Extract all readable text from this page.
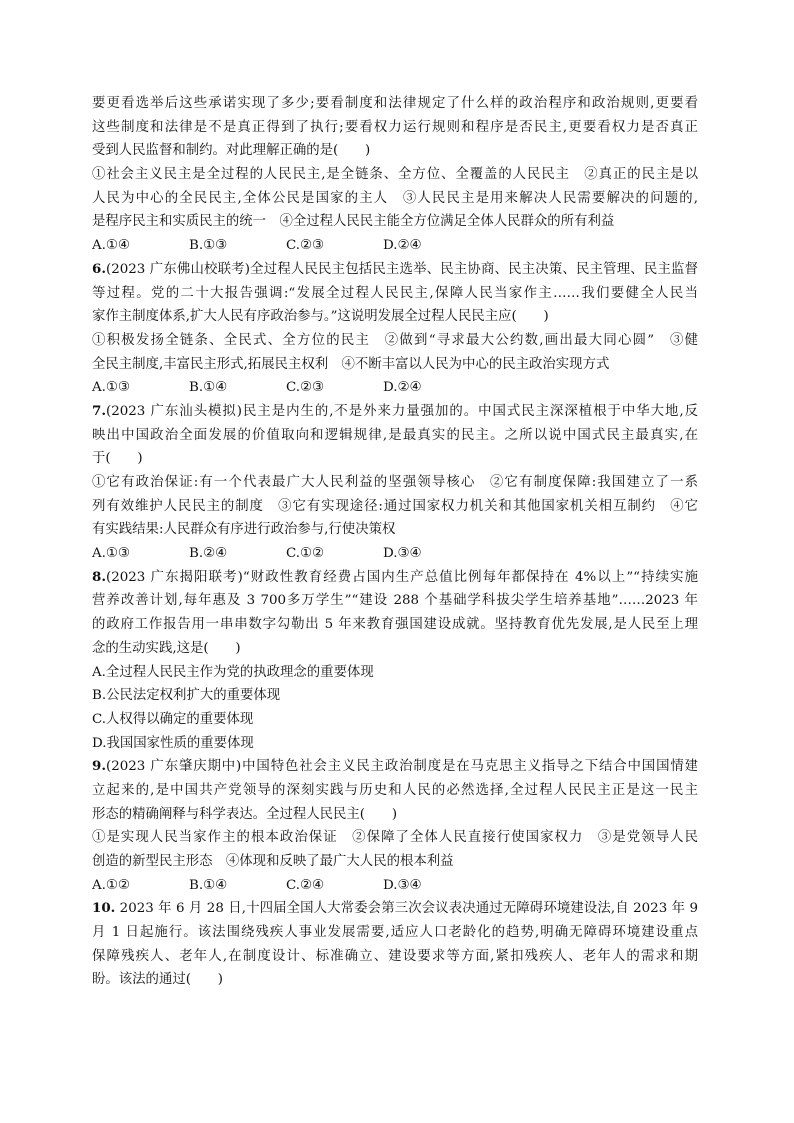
要更看选举后这些承诺实现了多少;要看制度和法律规定了什么样的政治程序和政治规则,更要看
这些制度和法律是不是真正得到了执行;要看权力运行规则和程序是否民主,更要看权力是否真正
受到人民监督和制约。对此理解正确的是(　　)
①社会主义民主是全过程的人民民主,是全链条、全方位、全覆盖的人民民主　②真正的民主是以
人民为中心的全民民主,全体公民是国家的主人　③人民民主是用来解决人民需要解决的问题的,
是程序民主和实质民主的统一　④全过程人民民主能全方位满足全体人民群众的所有利益
A.①④	B.①③	C.②③	D.②④
6.(2023 广东佛山校联考)全过程人民民主包括民主选举、民主协商、民主决策、民主管理、民主监督
等过程。党的二十大报告强调:“发展全过程人民民主,保障人民当家作主……我们要健全人民当
家作主制度体系,扩大人民有序政治参与。”这说明发展全过程人民民主应(　　)
①积极发扬全链条、全民式、全方位的民主　②做到“寻求最大公约数,画出最大同心圆”　③健
全民主制度,丰富民主形式,拓展民主权利　④不断丰富以人民为中心的民主政治实现方式
A.①③	B.①④	C.②③	D.②④
7.(2023 广东汕头模拟)民主是内生的,不是外来力量强加的。中国式民主深深植根于中华大地,反
映出中国政治全面发展的价值取向和逻辑规律,是最真实的民主。之所以说中国式民主最真实,在
于(　　)
①它有政治保证:有一个代表最广大人民利益的坚强领导核心　②它有制度保障:我国建立了一系
列有效维护人民民主的制度　③它有实现途径:通过国家权力机关和其他国家机关相互制约　④它
有实践结果:人民群众有序进行政治参与,行使决策权
A.①③	B.②④	C.①②	D.③④
8.(2023 广东揭阳联考)“财政性教育经费占国内生产总值比例每年都保持在 4%以上”“持续实施
营养改善计划,每年惠及 3 700多万学生”“建设 288 个基础学科拔尖学生培养基地”……2023 年
的政府工作报告用一串串数字勾勒出 5 年来教育强国建设成就。坚持教育优先发展,是人民至上理
念的生动实践,这是(　　)
A.全过程人民民主作为党的执政理念的重要体现
B.公民法定权利扩大的重要体现
C.人权得以确定的重要体现
D.我国国家性质的重要体现
9.(2023 广东肇庆期中)中国特色社会主义民主政治制度是在马克思主义指导之下结合中国国情建
立起来的,是中国共产党领导的深刻实践与历史和人民的必然选择,全过程人民民主正是这一民主
形态的精确阐释与科学表达。全过程人民民主(　　)
①是实现人民当家作主的根本政治保证　②保障了全体人民直接行使国家权力　③是党领导人民
创造的新型民主形态　④体现和反映了最广大人民的根本利益
A.①②	B.①④	C.②④	D.③④
10. 2023 年 6 月 28 日,十四届全国人大常委会第三次会议表决通过无障碍环境建设法,自 2023 年 9
月 1 日起施行。该法围绕残疾人事业发展需要,适应人口老龄化的趋势,明确无障碍环境建设重点
保障残疾人、老年人,在制度设计、标准确立、建设要求等方面,紧扣残疾人、老年人的需求和期
盼。该法的通过(　　)
